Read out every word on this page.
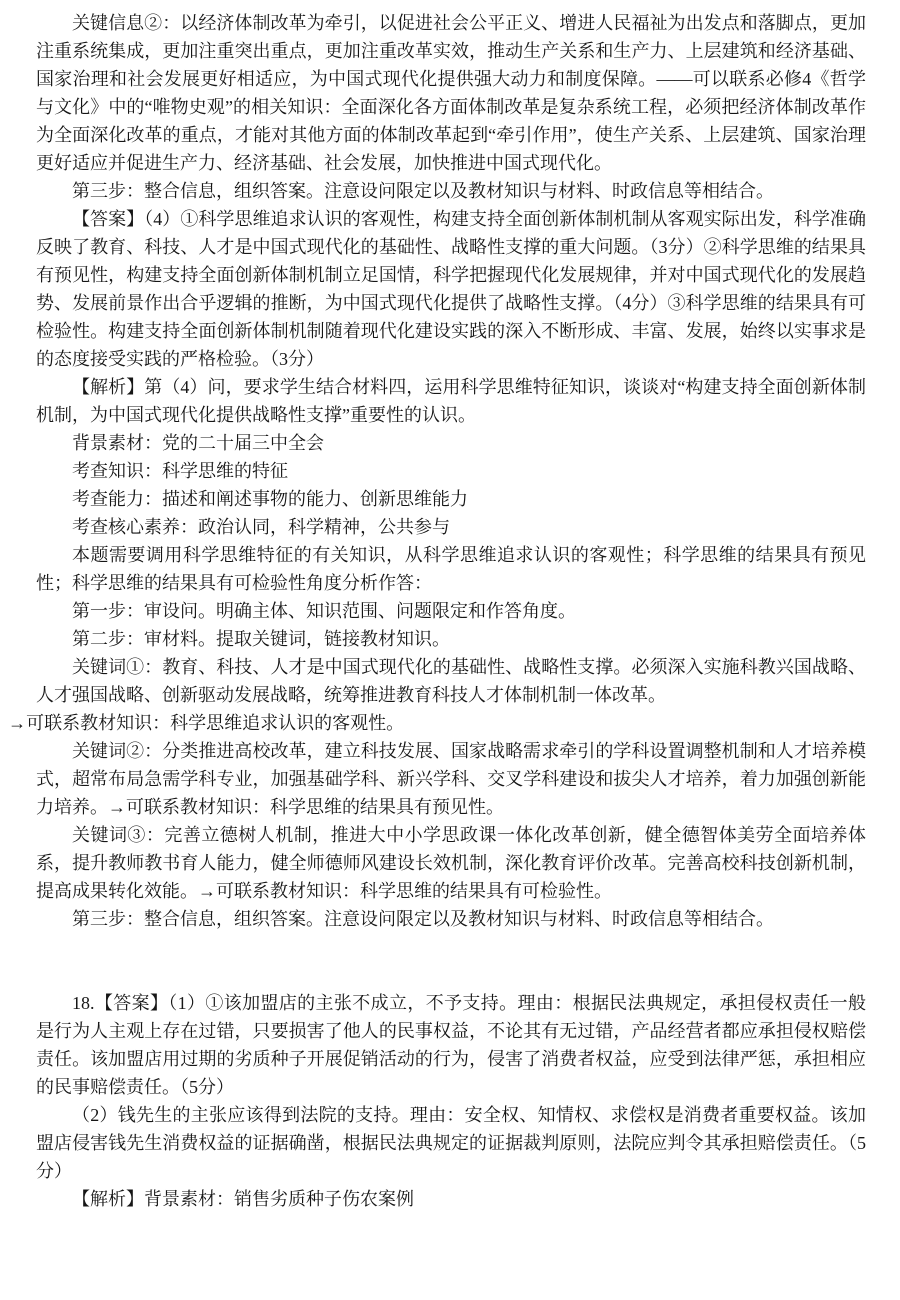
关键信息②：以经济体制改革为牵引，以促进社会公平正义、增进人民福祉为出发点和落脚点，更加注重系统集成，更加注重突出重点，更加注重改革实效，推动生产关系和生产力、上层建筑和经济基础、国家治理和社会发展更好相适应，为中国式现代化提供强大动力和制度保障。——可以联系必修4《哲学与文化》中的“唯物史观”的相关知识：全面深化各方面体制改革是复杂系统工程，必须把经济体制改革作为全面深化改革的重点，才能对其他方面的体制改革起到“牵引作用”，使生产关系、上层建筑、国家治理更好适应并促进生产力、经济基础、社会发展，加快推进中国式现代化。

第三步：整合信息，组织答案。注意设问限定以及教材知识与材料、时政信息等相结合。

【答案】（4）①科学思维追求认识的客观性，构建支持全面创新体制机制从客观实际出发，科学准确反映了教育、科技、人才是中国式现代化的基础性、战略性支撑的重大问题。（3分）②科学思维的结果具有预见性，构建支持全面创新体制机制立足国情，科学把握现代化发展规律，并对中国式现代化的发展趋势、发展前景作出合乎逻辑的推断，为中国式现代化提供了战略性支撑。（4分）③科学思维的结果具有可检验性。构建支持全面创新体制机制随着现代化建设实践的深入不断形成、丰富、发展，始终以实事求是的态度接受实践的严格检验。（3分）

【解析】第（4）问，要求学生结合材料四，运用科学思维特征知识，谈谈对“构建支持全面创新体制机制，为中国式现代化提供战略性支撑”重要性的认识。

背景素材：党的二十届三中全会

考查知识：科学思维的特征

考查能力：描述和阐述事物的能力、创新思维能力

考查核心素养：政治认同，科学精神，公共参与

本题需要调用科学思维特征的有关知识，从科学思维追求认识的客观性；科学思维的结果具有预见性；科学思维的结果具有可检验性角度分析作答：

第一步：审设问。明确主体、知识范围、问题限定和作答角度。

第二步：审材料。提取关键词，链接教材知识。

关键词①：教育、科技、人才是中国式现代化的基础性、战略性支撑。必须深入实施科教兴国战略、人才强国战略、创新驱动发展战略，统筹推进教育科技人才体制机制一体改革。

→可联系教材知识：科学思维追求认识的客观性。

关键词②：分类推进高校改革，建立科技发展、国家战略需求牵引的学科设置调整机制和人才培养模式，超常布局急需学科专业，加强基础学科、新兴学科、交叉学科建设和拔尖人才培养，着力加强创新能力培养。→可联系教材知识：科学思维的结果具有预见性。

关键词③：完善立德树人机制，推进大中小学思政课一体化改革创新，健全德智体美劳全面培养体系，提升教师教书育人能力，健全师德师风建设长效机制，深化教育评价改革。完善高校科技创新机制，提高成果转化效能。→可联系教材知识：科学思维的结果具有可检验性。

第三步：整合信息，组织答案。注意设问限定以及教材知识与材料、时政信息等相结合。

18.【答案】（1）①该加盟店的主张不成立，不予支持。理由：根据民法典规定，承担侵权责任一般是行为人主观上存在过错，只要损害了他人的民事权益，不论其有无过错，产品经营者都应承担侵权赔偿责任。该加盟店用过期的劣质种子开展促销活动的行为，侵害了消费者权益，应受到法律严惩，承担相应的民事赔偿责任。（5分）

（2）钱先生的主张应该得到法院的支持。理由：安全权、知情权、求偿权是消费者重要权益。该加盟店侵害钱先生消费权益的证据确凿，根据民法典规定的证据裁判原则，法院应判令其承担赔偿责任。（5分）

【解析】背景素材：销售劣质种子伤农案例
